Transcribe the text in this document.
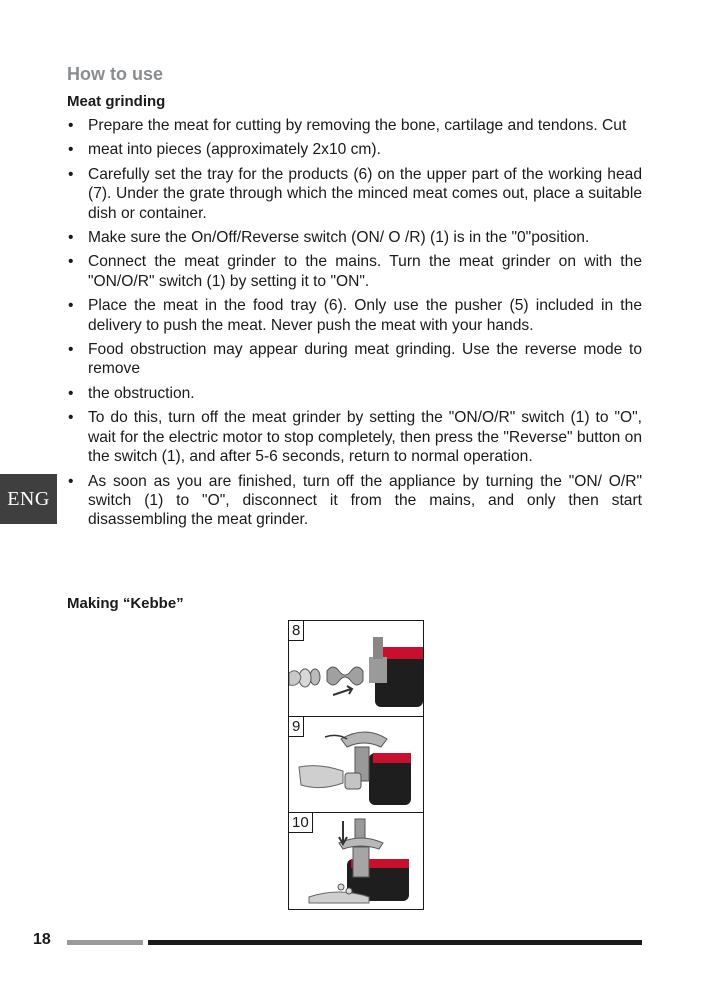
How to use
Meat grinding
• Prepare the meat for cutting by removing the bone, cartilage and tendons. Cut
• meat into pieces (approximately 2x10 cm).
• Carefully set the tray for the products (6) on the upper part of the working head (7). Under the grate through which the minced meat comes out, place a suitable dish or container.
• Make sure the On/Off/Reverse switch (ON/ O /R) (1) is in the "0"position.
• Connect the meat grinder to the mains. Turn the meat grinder on with the "ON/O/R" switch (1) by setting it to "ON".
• Place the meat in the food tray (6). Only use the pusher (5) included in the delivery to push the meat. Never push the meat with your hands.
• Food obstruction may appear during meat grinding. Use the reverse mode to remove
• the obstruction.
• To do this, turn off the meat grinder by setting the "ON/O/R" switch (1) to "O", wait for the electric motor to stop completely, then press the "Reverse" button on the switch (1), and after 5-6 seconds, return to normal operation.
• As soon as you are finished, turn off the appliance by turning the "ON/ O/R" switch (1) to "O", disconnect it from the mains, and only then start disassembling the meat grinder.
ENG
Making “Kebbe”
8
9
10
18
